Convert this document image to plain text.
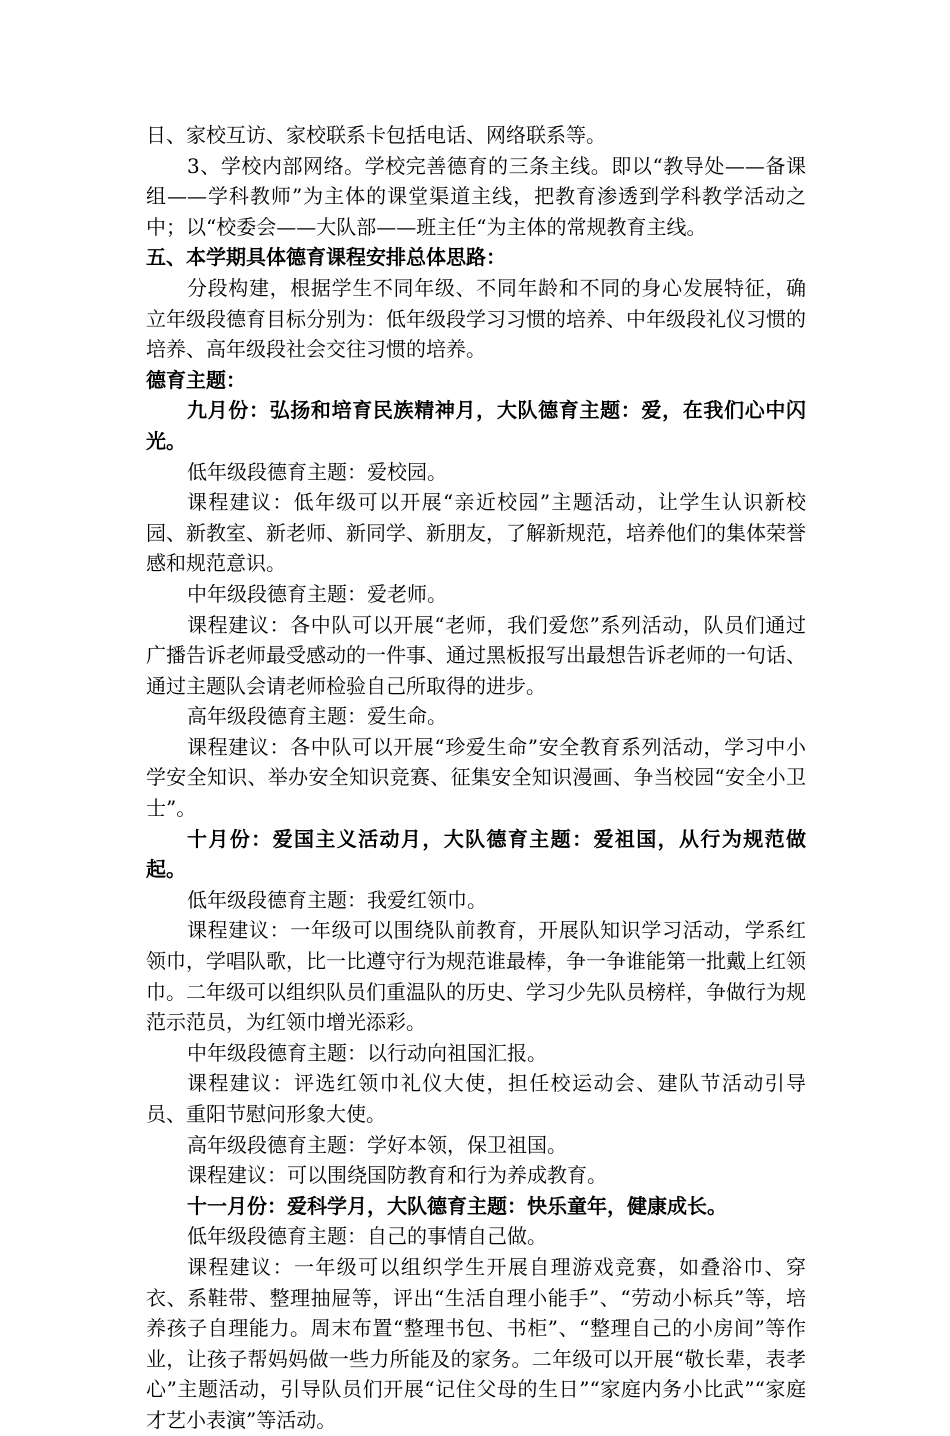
日、家校互访、家校联系卡包括电话、网络联系等。

3、学校内部网络。学校完善德育的三条主线。即以“教导处——备课组——学科教师”为主体的课堂渠道主线，把教育渗透到学科教学活动之中；以“校委会——大队部——班主任“为主体的常规教育主线。

五、本学期具体德育课程安排总体思路：

分段构建，根据学生不同年级、不同年龄和不同的身心发展特征，确立年级段德育目标分别为：低年级段学习习惯的培养、中年级段礼仪习惯的培养、高年级段社会交往习惯的培养。

德育主题：

九月份：弘扬和培育民族精神月，大队德育主题：爱，在我们心中闪光。

低年级段德育主题：爱校园。

课程建议：低年级可以开展“亲近校园”主题活动，让学生认识新校园、新教室、新老师、新同学、新朋友，了解新规范，培养他们的集体荣誉感和规范意识。

中年级段德育主题：爱老师。

课程建议：各中队可以开展“老师，我们爱您”系列活动，队员们通过广播告诉老师最受感动的一件事、通过黑板报写出最想告诉老师的一句话、通过主题队会请老师检验自己所取得的进步。

高年级段德育主题：爱生命。

课程建议：各中队可以开展“珍爱生命”安全教育系列活动，学习中小学安全知识、举办安全知识竞赛、征集安全知识漫画、争当校园“安全小卫士”。

十月份：爱国主义活动月，大队德育主题：爱祖国，从行为规范做起。

低年级段德育主题：我爱红领巾。

课程建议：一年级可以围绕队前教育，开展队知识学习活动，学系红领巾，学唱队歌，比一比遵守行为规范谁最棒，争一争谁能第一批戴上红领巾。二年级可以组织队员们重温队的历史、学习少先队员榜样，争做行为规范示范员，为红领巾增光添彩。

中年级段德育主题：以行动向祖国汇报。

课程建议：评选红领巾礼仪大使，担任校运动会、建队节活动引导员、重阳节慰问形象大使。

高年级段德育主题：学好本领，保卫祖国。

课程建议：可以围绕国防教育和行为养成教育。

十一月份：爱科学月，大队德育主题：快乐童年，健康成长。

低年级段德育主题：自己的事情自己做。

课程建议：一年级可以组织学生开展自理游戏竞赛，如叠浴巾、穿衣、系鞋带、整理抽屉等，评出“生活自理小能手”、“劳动小标兵”等，培养孩子自理能力。周末布置“整理书包、书柜”、“整理自己的小房间”等作业，让孩子帮妈妈做一些力所能及的家务。二年级可以开展“敬长辈，表孝心”主题活动，引导队员们开展“记住父母的生日”“家庭内务小比武”“家庭才艺小表演”等活动。
